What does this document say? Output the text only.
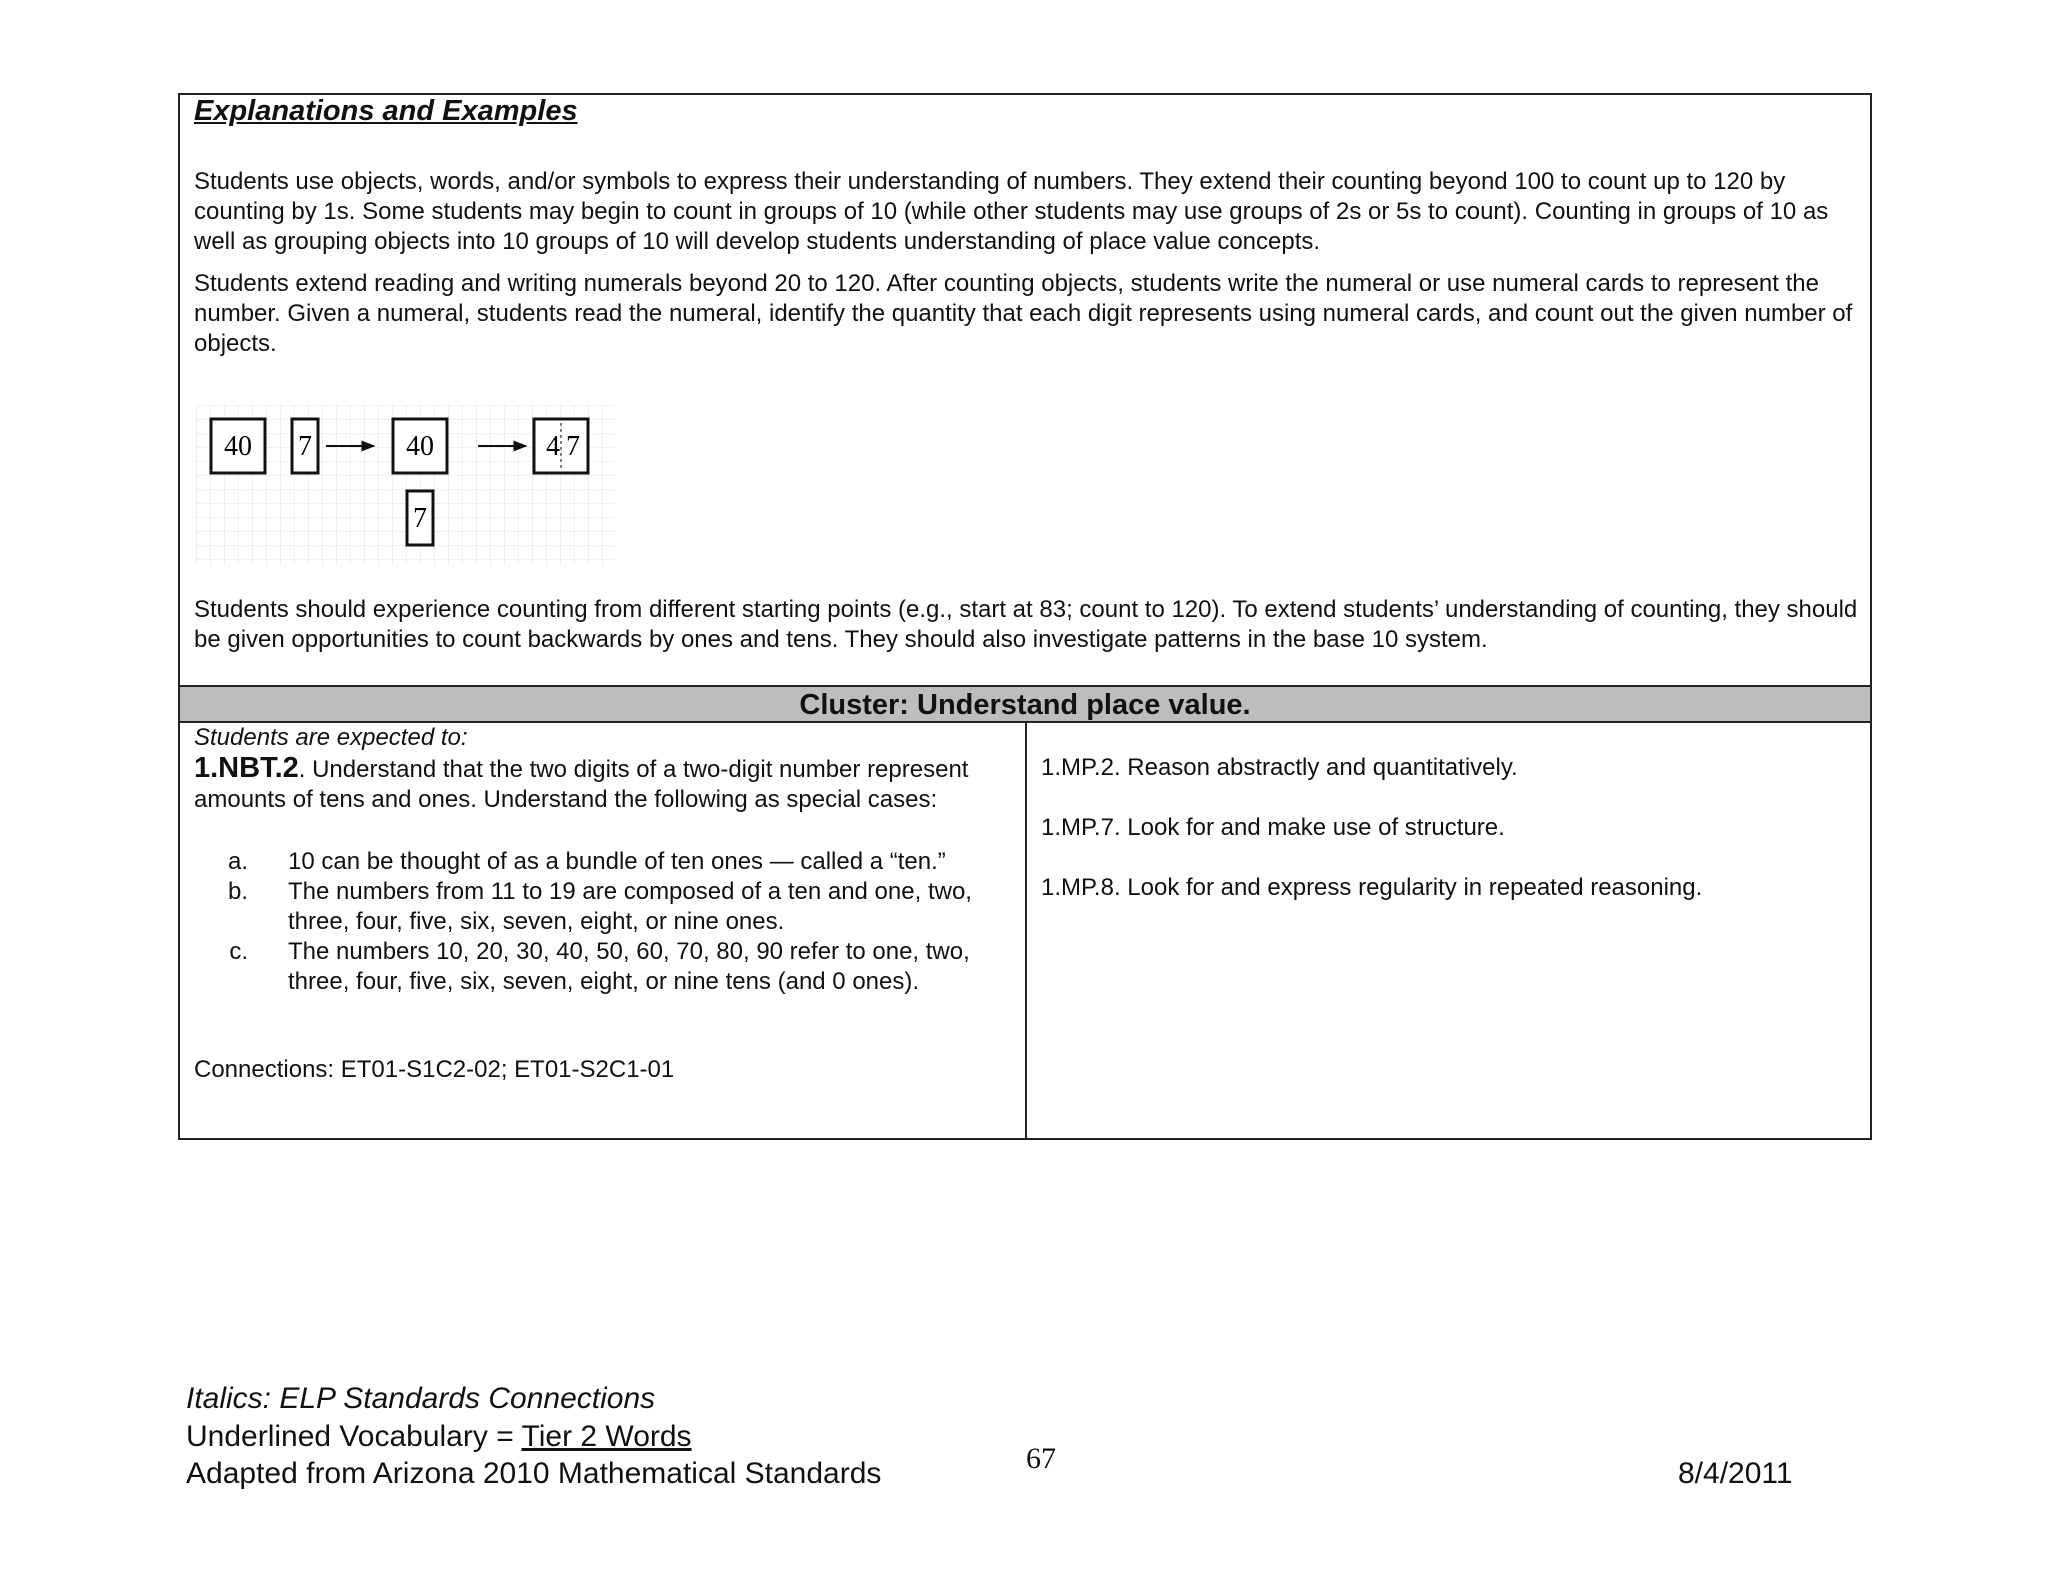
Explanations and Examples

Students use objects, words, and/or symbols to express their understanding of numbers. They extend their counting beyond 100 to count up to 120 by counting by 1s. Some students may begin to count in groups of 10 (while other students may use groups of 2s or 5s to count). Counting in groups of 10 as well as grouping objects into 10 groups of 10 will develop students understanding of place value concepts.

Students extend reading and writing numerals beyond 20 to 120. After counting objects, students write the numeral or use numeral cards to represent the number. Given a numeral, students read the numeral, identify the quantity that each digit represents using numeral cards, and count out the given number of objects.

40 7	40
7
4 7

Students should experience counting from different starting points (e.g., start at 83; count to 120). To extend students’ understanding of counting, they should be given opportunities to count backwards by ones and tens. They should also investigate patterns in the base 10 system.

Cluster: Understand place value.
Students are expected to:
1.NBT.2. Understand that the two digits of a two-digit number represent amounts of tens and ones. Understand the following as special cases:
a. 10 can be thought of as a bundle of ten ones — called a “ten.”
b. The numbers from 11 to 19 are composed of a ten and one, two, three, four, five, six, seven, eight, or nine ones.
c. The numbers 10, 20, 30, 40, 50, 60, 70, 80, 90 refer to one, two, three, four, five, six, seven, eight, or nine tens (and 0 ones).
Connections: ET01-S1C2-02; ET01-S2C1-01
1.MP.2. Reason abstractly and quantitatively.
1.MP.7. Look for and make use of structure.
1.MP.8. Look for and express regularity in repeated reasoning.
Italics: ELP Standards Connections
Underlined Vocabulary = Tier 2 Words
Adapted from Arizona 2010 Mathematical Standards	67	8/4/2011
